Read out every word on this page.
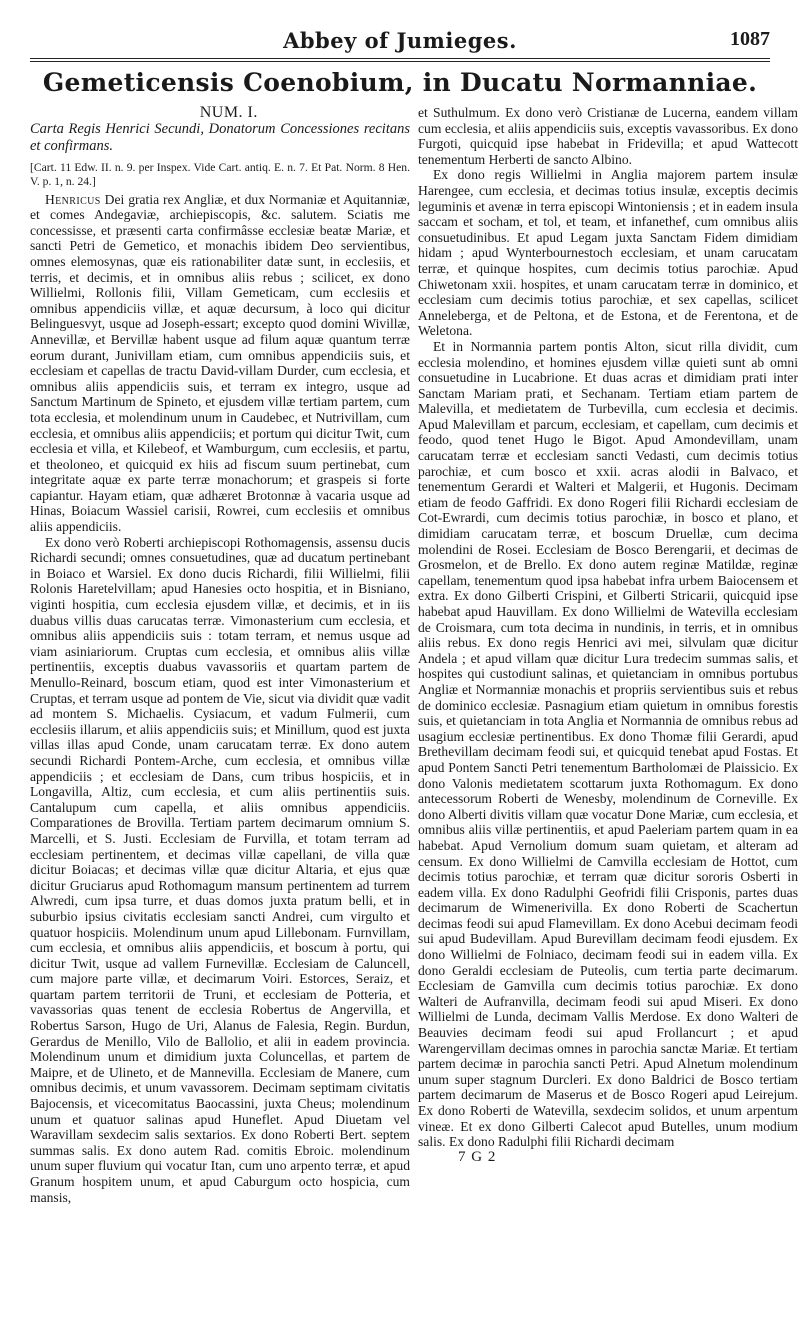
Abbey of Jumieges.	1087
Gemeticensis Coenobium, in Ducatu Normanniae.

NUM. I.

Carta Regis Henrici Secundi, Donatorum Concessiones recitans et confirmans.

[Cart. 11 Edw. II. n. 9. per Inspex. Vide Cart. antiq. E. n. 7. Et Pat. Norm. 8 Hen. V. p. 1, n. 24.]

Henricus Dei gratia rex Angliæ, et dux Normaniæ et Aquitanniæ, et comes Andegaviæ, archiepiscopis, &c. salutem. Sciatis me concessisse, et præsenti carta confirmâsse ecclesiæ beatæ Mariæ, et sancti Petri de Gemetico, et monachis ibidem Deo servientibus, omnes elemosynas, quæ eis rationabiliter datæ sunt, in ecclesiis, et terris, et decimis, et in omnibus aliis rebus ; scilicet, ex dono Willielmi, Rollonis filii, Villam Gemeticam, cum ecclesiis et omnibus appendiciis villæ, et aquæ decursum, à loco qui dicitur Belinguesvyt, usque ad Joseph-essart; excepto quod domini Wivillæ, Annevillæ, et Bervillæ habent usque ad filum aquæ quantum terræ eorum durant, Junivillam etiam, cum omnibus appendiciis suis, et ecclesiam et capellas de tractu David-villam Durder, cum ecclesia, et omnibus aliis appendiciis suis, et terram ex integro, usque ad Sanctum Martinum de Spineto, et ejusdem villæ tertiam partem, cum tota ecclesia, et molendinum unum in Caudebec, et Nutrivillam, cum ecclesia, et omnibus aliis appendiciis; et portum qui dicitur Twit, cum ecclesia et villa, et Kilebeof, et Wamburgum, cum ecclesiis, et partu, et theoloneo, et quicquid ex hiis ad fiscum suum pertinebat, cum integritate aquæ ex parte terræ monachorum; et graspeis si forte capiantur. Hayam etiam, quæ adhæret Brotonnæ à vacaria usque ad Hinas, Boiacum Wassiel carisii, Rowrei, cum ecclesiis et omnibus aliis appendiciis.

Ex dono verò Roberti archiepiscopi Rothomagensis, assensu ducis Richardi secundi; omnes consuetudines, quæ ad ducatum pertinebant in Boiaco et Warsiel. Ex dono ducis Richardi, filii Willielmi, filii Rolonis Haretelvillam; apud Hanesies octo hospitia, et in Bisniano, viginti hospitia, cum ecclesia ejusdem villæ, et decimis, et in iis duabus villis duas carucatas terræ. Vimonasterium cum ecclesia, et omnibus aliis appendiciis suis : totam terram, et nemus usque ad viam asiniariorum. Cruptas cum ecclesia, et omnibus aliis villæ pertinentiis, exceptis duabus vavassoriis et quartam partem de Menullo-Reinard, boscum etiam, quod est inter Vimonasterium et Cruptas, et terram usque ad pontem de Vie, sicut via dividit quæ vadit ad montem S. Michaelis. Cysiacum, et vadum Fulmerii, cum ecclesiis illarum, et aliis appendiciis suis; et Minillum, quod est juxta villas illas apud Conde, unam carucatam terræ. Ex dono autem secundi Richardi Pontem-Arche, cum ecclesia, et omnibus villæ appendiciis ; et ecclesiam de Dans, cum tribus hospiciis, et in Longavilla, Altiz, cum ecclesia, et cum aliis pertinentiis suis. Cantalupum cum capella, et aliis omnibus appendiciis. Comparationes de Brovilla. Tertiam partem decimarum omnium S. Marcelli, et S. Justi. Ecclesiam de Furvilla, et totam terram ad ecclesiam pertinentem, et decimas villæ capellani, de villa quæ dicitur Boiacas; et decimas villæ quæ dicitur Altaria, et ejus quæ dicitur Gruciarus apud Rothomagum mansum pertinentem ad turrem Alwredi, cum ipsa turre, et duas domos juxta pratum belli, et in suburbio ipsius civitatis ecclesiam sancti Andrei, cum virgulto et quatuor hospiciis. Molendinum unum apud Lillebonam. Furnvillam, cum ecclesia, et omnibus aliis appendiciis, et boscum à portu, qui dicitur Twit, usque ad vallem Furnevillæ. Ecclesiam de Caluncell, cum majore parte villæ, et decimarum Voiri. Estorces, Seraiz, et quartam partem territorii de Truni, et ecclesiam de Potteria, et vavassorias quas tenent de ecclesia Robertus de Angervilla, et Robertus Sarson, Hugo de Uri, Alanus de Falesia, Regin. Burdun, Gerardus de Menillo, Vilo de Ballolio, et alii in eadem provincia. Molendinum unum et dimidium juxta Coluncellas, et partem de Maipre, et de Ulineto, et de Mannevilla. Ecclesiam de Manere, cum omnibus decimis, et unum vavassorem. Decimam septimam civitatis Bajocensis, et vicecomitatus Baocassini, juxta Cheus; molendinum unum et quatuor salinas apud Huneflet. Apud Diuetam vel Waravillam sexdecim salis sextarios. Ex dono Roberti Bert. septem summas salis. Ex dono autem Rad. comitis Ebroic. molendinum unum super fluvium qui vocatur Itan, cum uno arpento terræ, et apud Granum hospitem unum, et apud Caburgum octo hospicia, cum mansis,

et Suthulmum. Ex dono verò Cristianæ de Lucerna, eandem villam cum ecclesia, et aliis appendiciis suis, exceptis vavassoribus. Ex dono Furgoti, quicquid ipse habebat in Fridevilla; et apud Wattecott tenementum Herberti de sancto Albino.

Ex dono regis Willielmi in Anglia majorem partem insulæ Harengee, cum ecclesia, et decimas totius insulæ, exceptis decimis leguminis et avenæ in terra episcopi Wintoniensis ; et in eadem insula saccam et socham, et tol, et team, et infanethef, cum omnibus aliis consuetudinibus. Et apud Legam juxta Sanctam Fidem dimidiam hidam ; apud Wynterbournestoch ecclesiam, et unam carucatam terræ, et quinque hospites, cum decimis totius parochiæ. Apud Chiwetonam xxii. hospites, et unam carucatam terræ in dominico, et ecclesiam cum decimis totius parochiæ, et sex capellas, scilicet Anneleberga, et de Peltona, et de Estona, et de Ferentona, et de Weletona.

Et in Normannia partem pontis Alton, sicut rilla dividit, cum ecclesia molendino, et homines ejusdem villæ quieti sunt ab omni consuetudine in Lucabrione. Et duas acras et dimidiam prati inter Sanctam Mariam prati, et Sechanam. Tertiam etiam partem de Malevilla, et medietatem de Turbevilla, cum ecclesia et decimis. Apud Malevillam et parcum, ecclesiam, et capellam, cum decimis et feodo, quod tenet Hugo le Bigot. Apud Amondevillam, unam carucatam terræ et ecclesiam sancti Vedasti, cum decimis totius parochiæ, et cum bosco et xxii. acras alodii in Balvaco, et tenementum Gerardi et Walteri et Malgerii, et Hugonis. Decimam etiam de feodo Gaffridi. Ex dono Rogeri filii Richardi ecclesiam de Cot-Ewrardi, cum decimis totius parochiæ, in bosco et plano, et dimidiam carucatam terræ, et boscum Druellæ, cum decima molendini de Rosei. Ecclesiam de Bosco Berengarii, et decimas de Grosmelon, et de Brello. Ex dono autem reginæ Matildæ, reginæ capellam, tenementum quod ipsa habebat infra urbem Baiocensem et extra. Ex dono Gilberti Crispini, et Gilberti Stricarii, quicquid ipse habebat apud Hauvillam. Ex dono Willielmi de Watevilla ecclesiam de Croismara, cum tota decima in nundinis, in terris, et in omnibus aliis rebus. Ex dono regis Henrici avi mei, silvulam quæ dicitur Andela ; et apud villam quæ dicitur Lura tredecim summas salis, et hospites qui custodiunt salinas, et quietanciam in omnibus portubus Angliæ et Normanniæ monachis et propriis servientibus suis et rebus de dominico ecclesiæ. Pasnagium etiam quietum in omnibus forestis suis, et quietanciam in tota Anglia et Normannia de omnibus rebus ad usagium ecclesiæ pertinentibus. Ex dono Thomæ filii Gerardi, apud Brethevillam decimam feodi sui, et quicquid tenebat apud Fostas. Et apud Pontem Sancti Petri tenementum Bartholomæi de Plaissicio. Ex dono Valonis medietatem scottarum juxta Rothomagum. Ex dono antecessorum Roberti de Wenesby, molendinum de Corneville. Ex dono Alberti divitis villam quæ vocatur Done Mariæ, cum ecclesia, et omnibus aliis villæ pertinentiis, et apud Paeleriam partem quam in ea habebat. Apud Vernolium domum suam quietam, et alteram ad censum. Ex dono Willielmi de Camvilla ecclesiam de Hottot, cum decimis totius parochiæ, et terram quæ dicitur sororis Osberti in eadem villa. Ex dono Radulphi Geofridi filii Crisponis, partes duas decimarum de Wimenerivilla. Ex dono Roberti de Scachertun decimas feodi sui apud Flamevillam. Ex dono Acebui decimam feodi sui apud Budevillam. Apud Burevillam decimam feodi ejusdem. Ex dono Willielmi de Folniaco, decimam feodi sui in eadem villa. Ex dono Geraldi ecclesiam de Puteolis, cum tertia parte decimarum. Ecclesiam de Gamvilla cum decimis totius parochiæ. Ex dono Walteri de Aufranvilla, decimam feodi sui apud Miseri. Ex dono Willielmi de Lunda, decimam Vallis Merdose. Ex dono Walteri de Beauvies decimam feodi sui apud Frollancurt ; et apud Warengervillam decimas omnes in parochia sanctæ Mariæ. Et tertiam partem decimæ in parochia sancti Petri. Apud Alnetum molendinum unum super stagnum Durcleri. Ex dono Baldrici de Bosco tertiam partem decimarum de Maserus et de Bosco Rogeri apud Leirejum. Ex dono Roberti de Watevilla, sexdecim solidos, et unum arpentum vineæ. Et ex dono Gilberti Calecot apud Butelles, unum modium salis. Ex dono Radulphi filii Richardi decimam

7 G 2
